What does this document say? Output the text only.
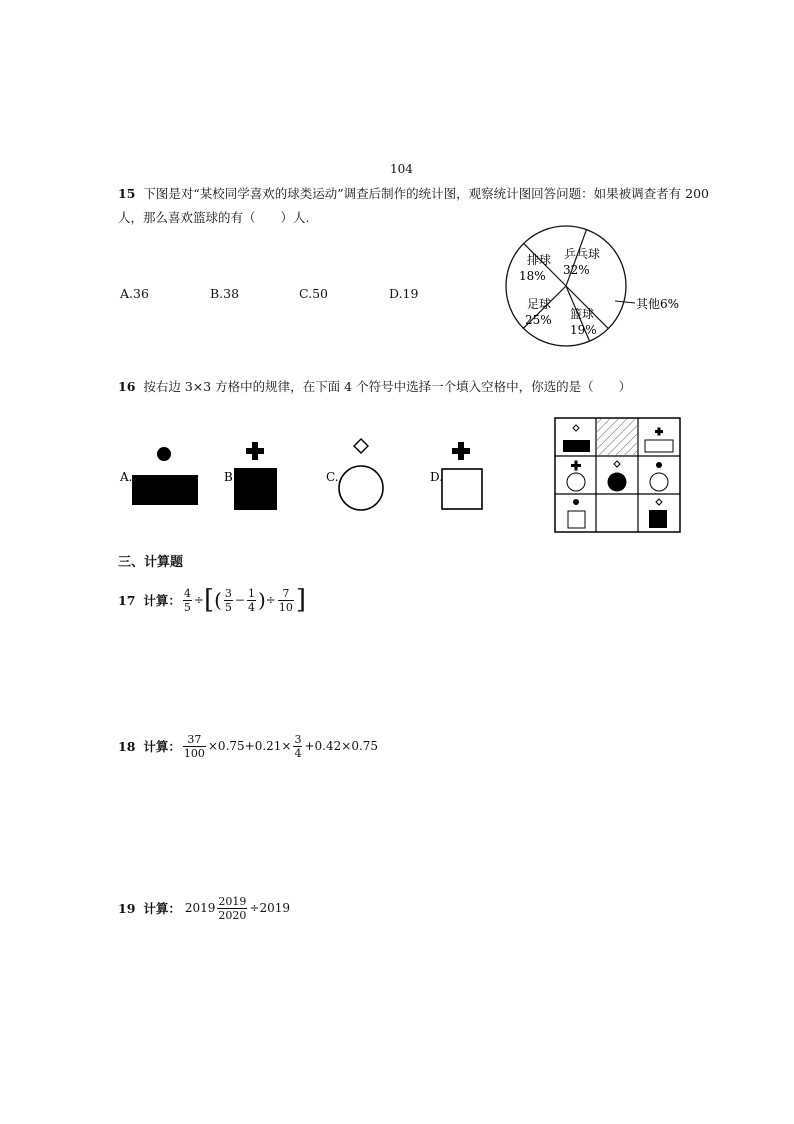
104
15 下图是对“某校同学喜欢的球类运动”调查后制作的统计图，观察统计图回答问题：如果被调查者有 200
人，那么喜欢篮球的有（　　）人.
A.36	B.38	C.50	D.19
排球
18%
乒乓球
32%
足球
25% 篮球
19%
其他6%
16 按右边 3×3 方格中的规律，在下面 4 个符号中选择一个填入空格中，你选的是（　　）
A.	B.	C.	D.
三、计算题
17
计算： $\frac{4}{5}$ ÷ [ ( $\frac{3}{5} - \frac{1}{4}$ ) ÷ $\frac{7}{10}$ ]
18
计算： $\frac{37}{100} \times 0.75+0.21\times \frac{3}{4} +0.42\times 0.75$
19
计算：
$2019 \frac{2019}{2020} \div 2019$
